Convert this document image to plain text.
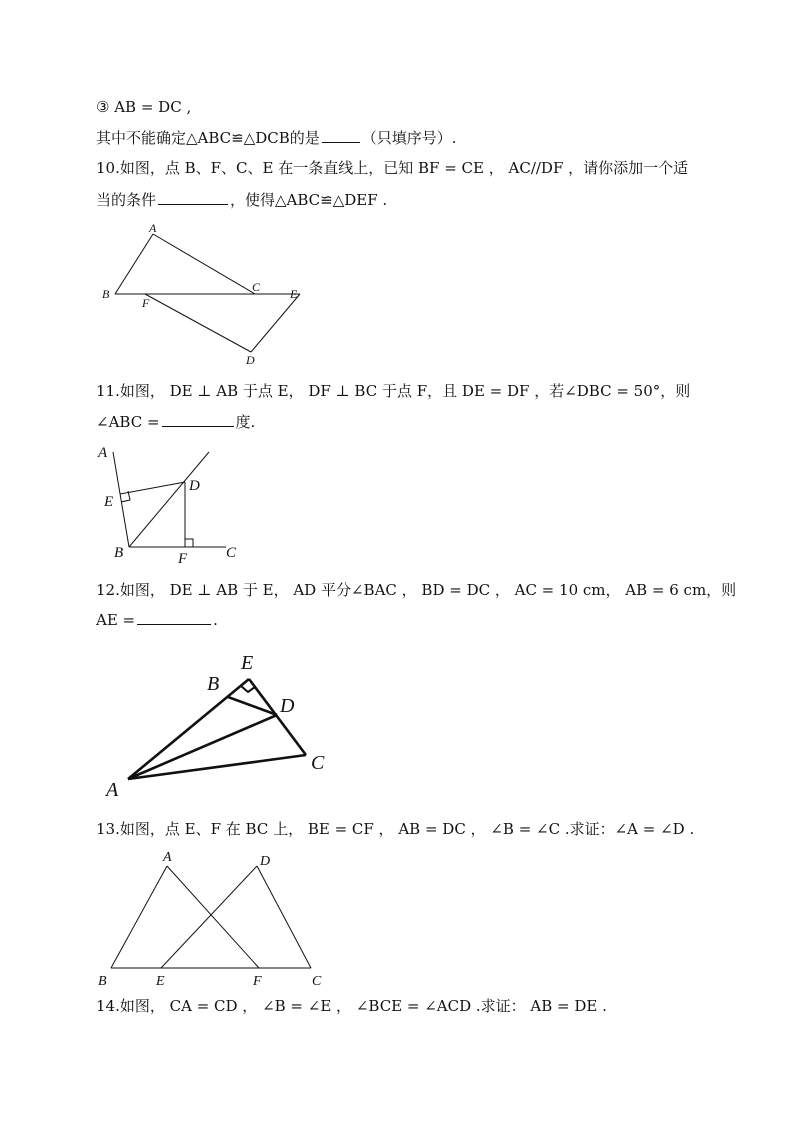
③ AB = DC ,
其中不能确定△ABC≌△DCB的是	（只填序号）.
10.如图，点 B、F、C、E 在一条直线上，已知 BF = CE ， AC//DF ，请你添加一个适
当的条件	，使得△ABC≌△DEF .
A
B
F
C E
D
A
E
D
B	F	C
E
B
D
C
A
A	D
B	E	F	C
11.如图， DE ⊥ AB 于点 E， DF ⊥ BC 于点 F，且 DE = DF ，若∠DBC = 50°，则
∠ABC =	度.
12.如图， DE ⊥ AB 于 E， AD 平分∠BAC ， BD = DC ， AC = 10 cm， AB = 6 cm，则
AE =	.
13.如图，点 E、F 在 BC 上， BE = CF ， AB = DC ， ∠B = ∠C .求证：∠A = ∠D .
14.如图， CA = CD ， ∠B = ∠E ， ∠BCE = ∠ACD .求证： AB = DE .
